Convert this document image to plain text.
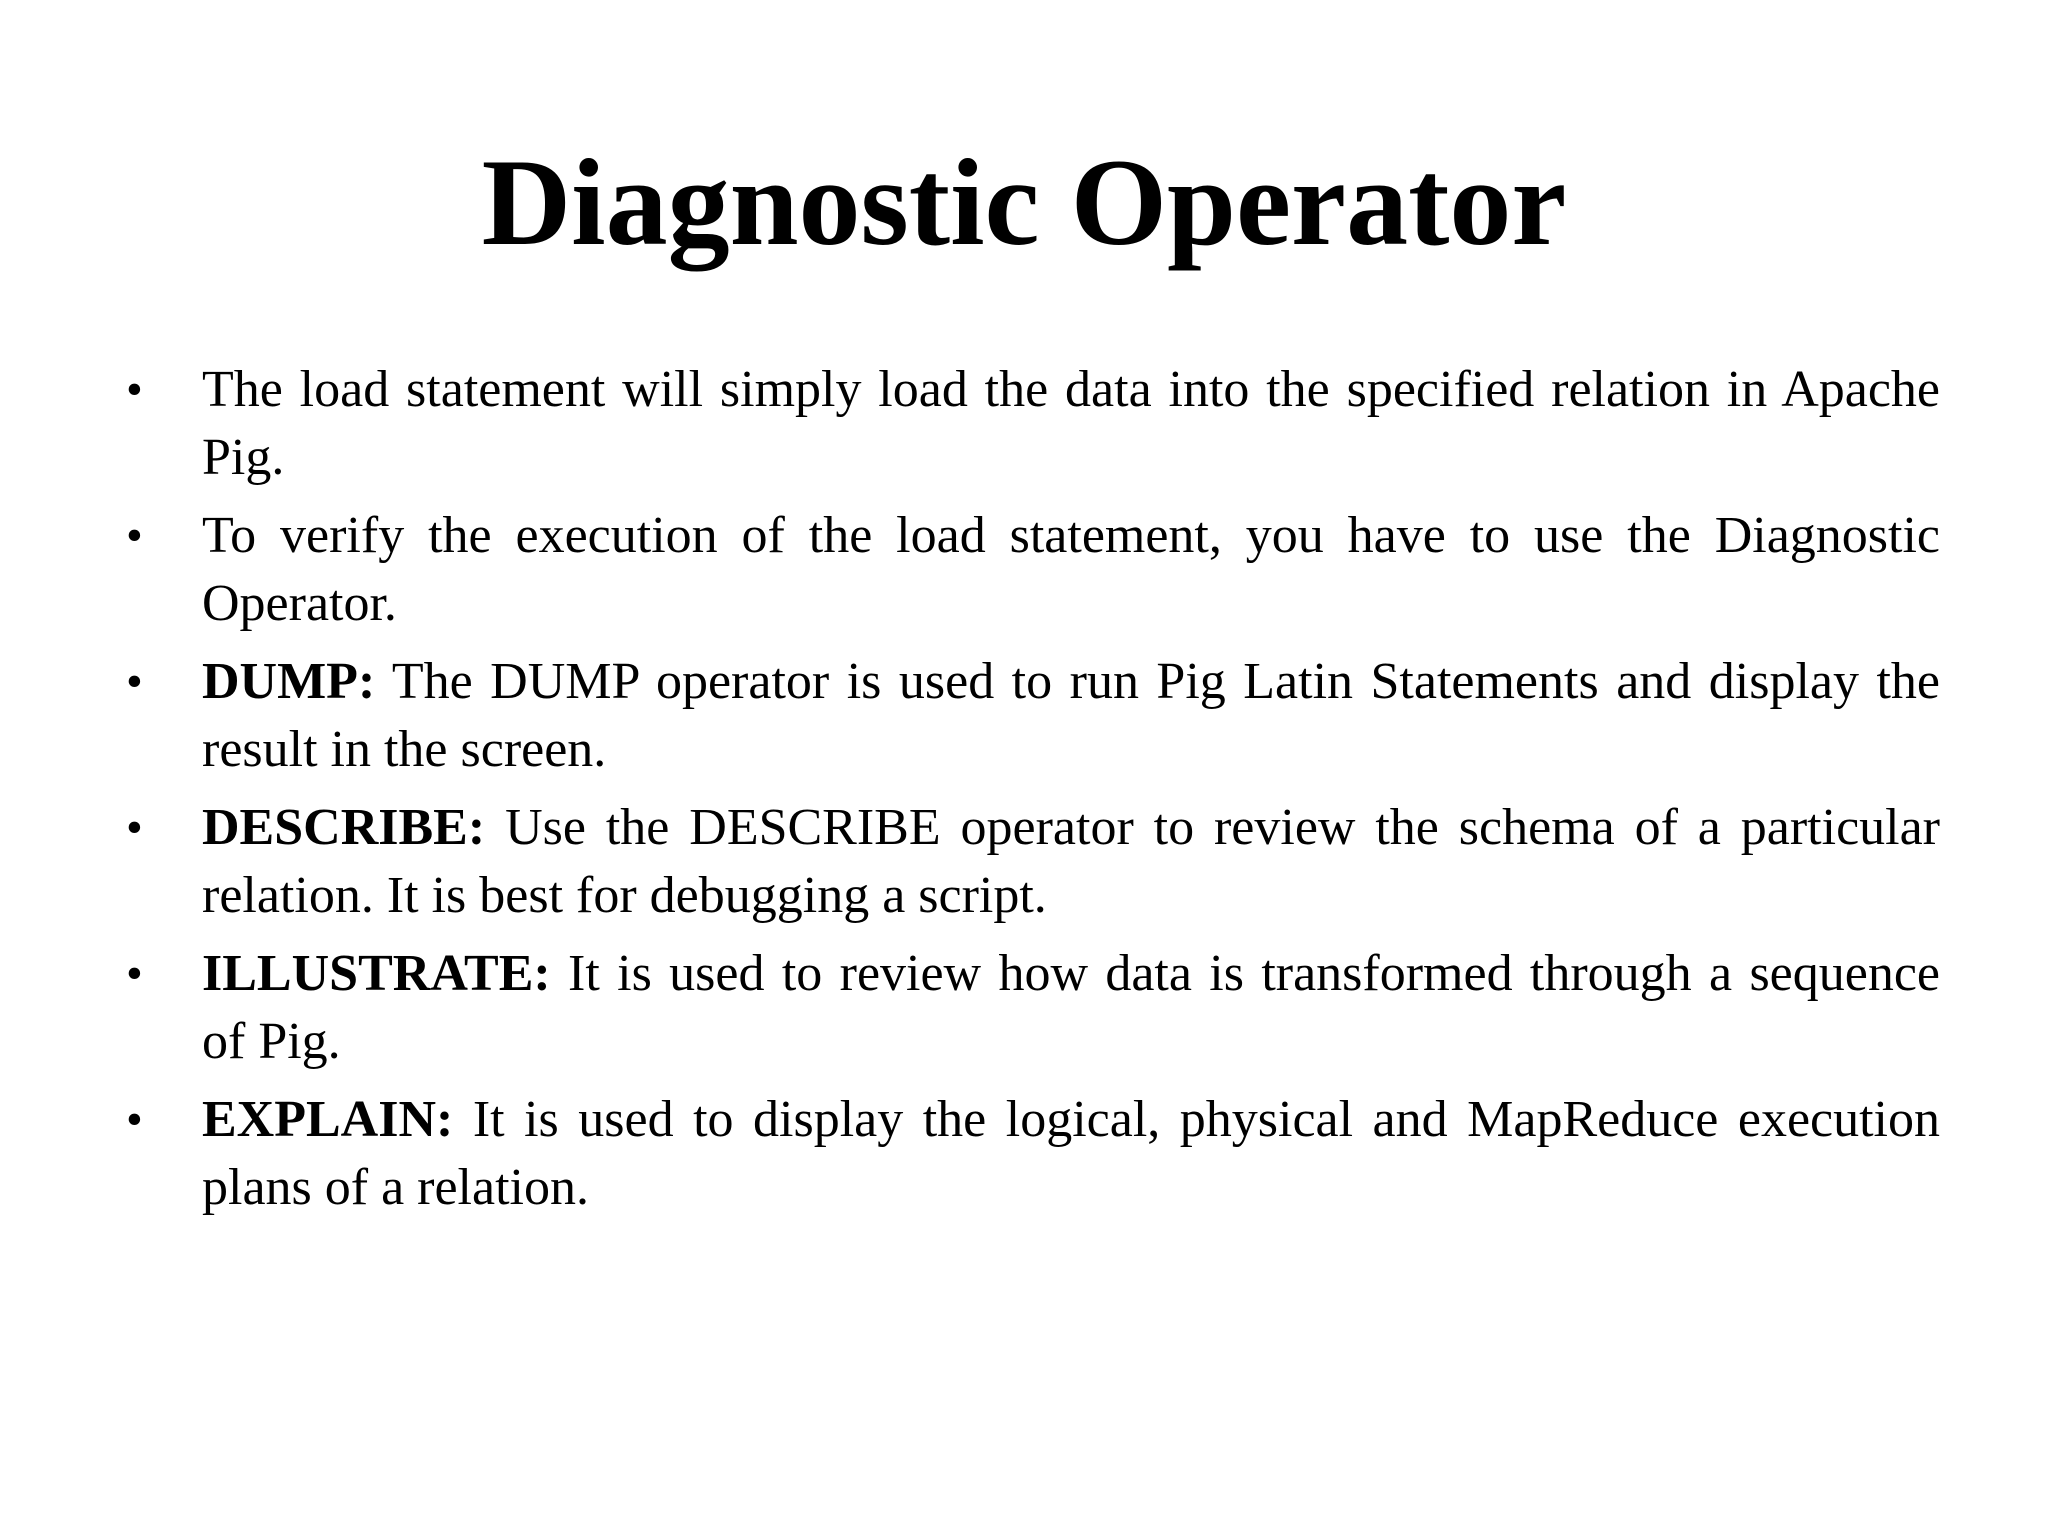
Diagnostic Operator
• The load statement will simply load the data into the specified relation in Apache Pig.
• To verify the execution of the load statement, you have to use the Diagnostic Operator.
• DUMP: The DUMP operator is used to run Pig Latin Statements and display the result in the screen.
• DESCRIBE: Use the DESCRIBE operator to review the schema of a particular relation. It is best for debugging a script.
• ILLUSTRATE: It is used to review how data is transformed through a sequence of Pig.
• EXPLAIN: It is used to display the logical, physical and MapReduce execution plans of a relation.
